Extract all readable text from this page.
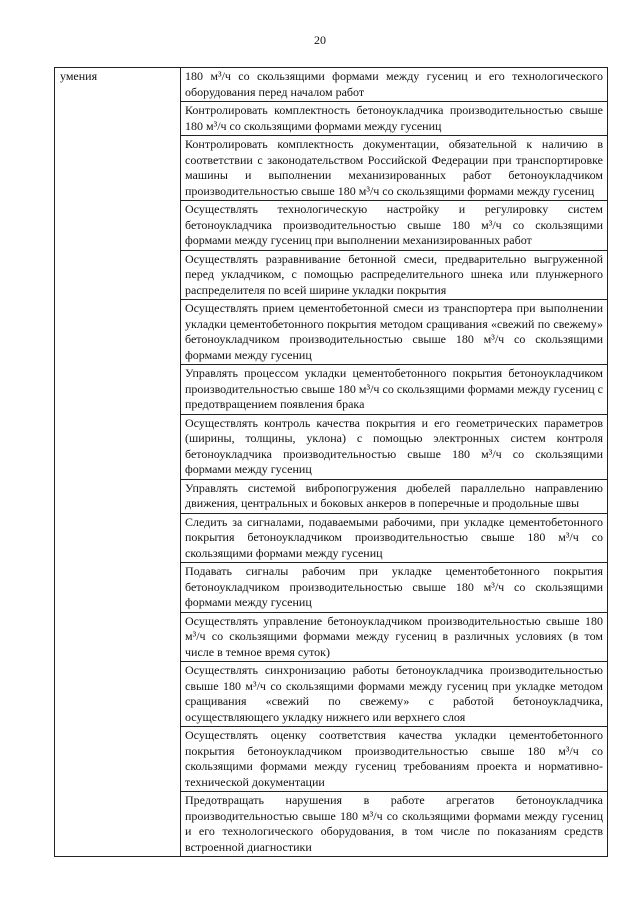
20
умения	180 м³/ч со скользящими формами между гусениц и его технологического оборудования перед началом работ
Контролировать комплектность бетоноукладчика производительностью свыше 180 м³/ч со скользящими формами между гусениц
Контролировать комплектность документации, обязательной к наличию в соответствии с законодательством Российской Федерации при транспортировке машины и выполнении механизированных работ бетоноукладчиком производительностью свыше 180 м³/ч со скользящими формами между гусениц
Осуществлять технологическую настройку и регулировку систем бетоноукладчика производительностью свыше 180 м³/ч со скользящими формами между гусениц при выполнении механизированных работ
Осуществлять разравнивание бетонной смеси, предварительно выгруженной перед укладчиком, с помощью распределительного шнека или плунжерного распределителя по всей ширине укладки покрытия
Осуществлять прием цементобетонной смеси из транспортера при выполнении укладки цементобетонного покрытия методом сращивания «свежий по свежему» бетоноукладчиком производительностью свыше 180 м³/ч со скользящими формами между гусениц
Управлять процессом укладки цементобетонного покрытия бетоноукладчиком производительностью свыше 180 м³/ч со скользящими формами между гусениц с предотвращением появления брака
Осуществлять контроль качества покрытия и его геометрических параметров (ширины, толщины, уклона) с помощью электронных систем контроля бетоноукладчика производительностью свыше 180 м³/ч со скользящими формами между гусениц
Управлять системой вибропогружения дюбелей параллельно направлению движения, центральных и боковых анкеров в поперечные и продольные швы
Следить за сигналами, подаваемыми рабочими, при укладке цементобетонного покрытия бетоноукладчиком производительностью свыше 180 м³/ч со скользящими формами между гусениц
Подавать сигналы рабочим при укладке цементобетонного покрытия бетоноукладчиком производительностью свыше 180 м³/ч со скользящими формами между гусениц
Осуществлять управление бетоноукладчиком производительностью свыше 180 м³/ч со скользящими формами между гусениц в различных условиях (в том числе в темное время суток)
Осуществлять синхронизацию работы бетоноукладчика производительностью свыше 180 м³/ч со скользящими формами между гусениц при укладке методом сращивания «свежий по свежему» с работой бетоноукладчика, осуществляющего укладку нижнего или верхнего слоя
Осуществлять оценку соответствия качества укладки цементобетонного покрытия бетоноукладчиком производительностью свыше 180 м³/ч со скользящими формами между гусениц требованиям проекта и нормативно-технической документации
Предотвращать нарушения в работе агрегатов бетоноукладчика производительностью свыше 180 м³/ч со скользящими формами между гусениц и его технологического оборудования, в том числе по показаниям средств встроенной диагностики
